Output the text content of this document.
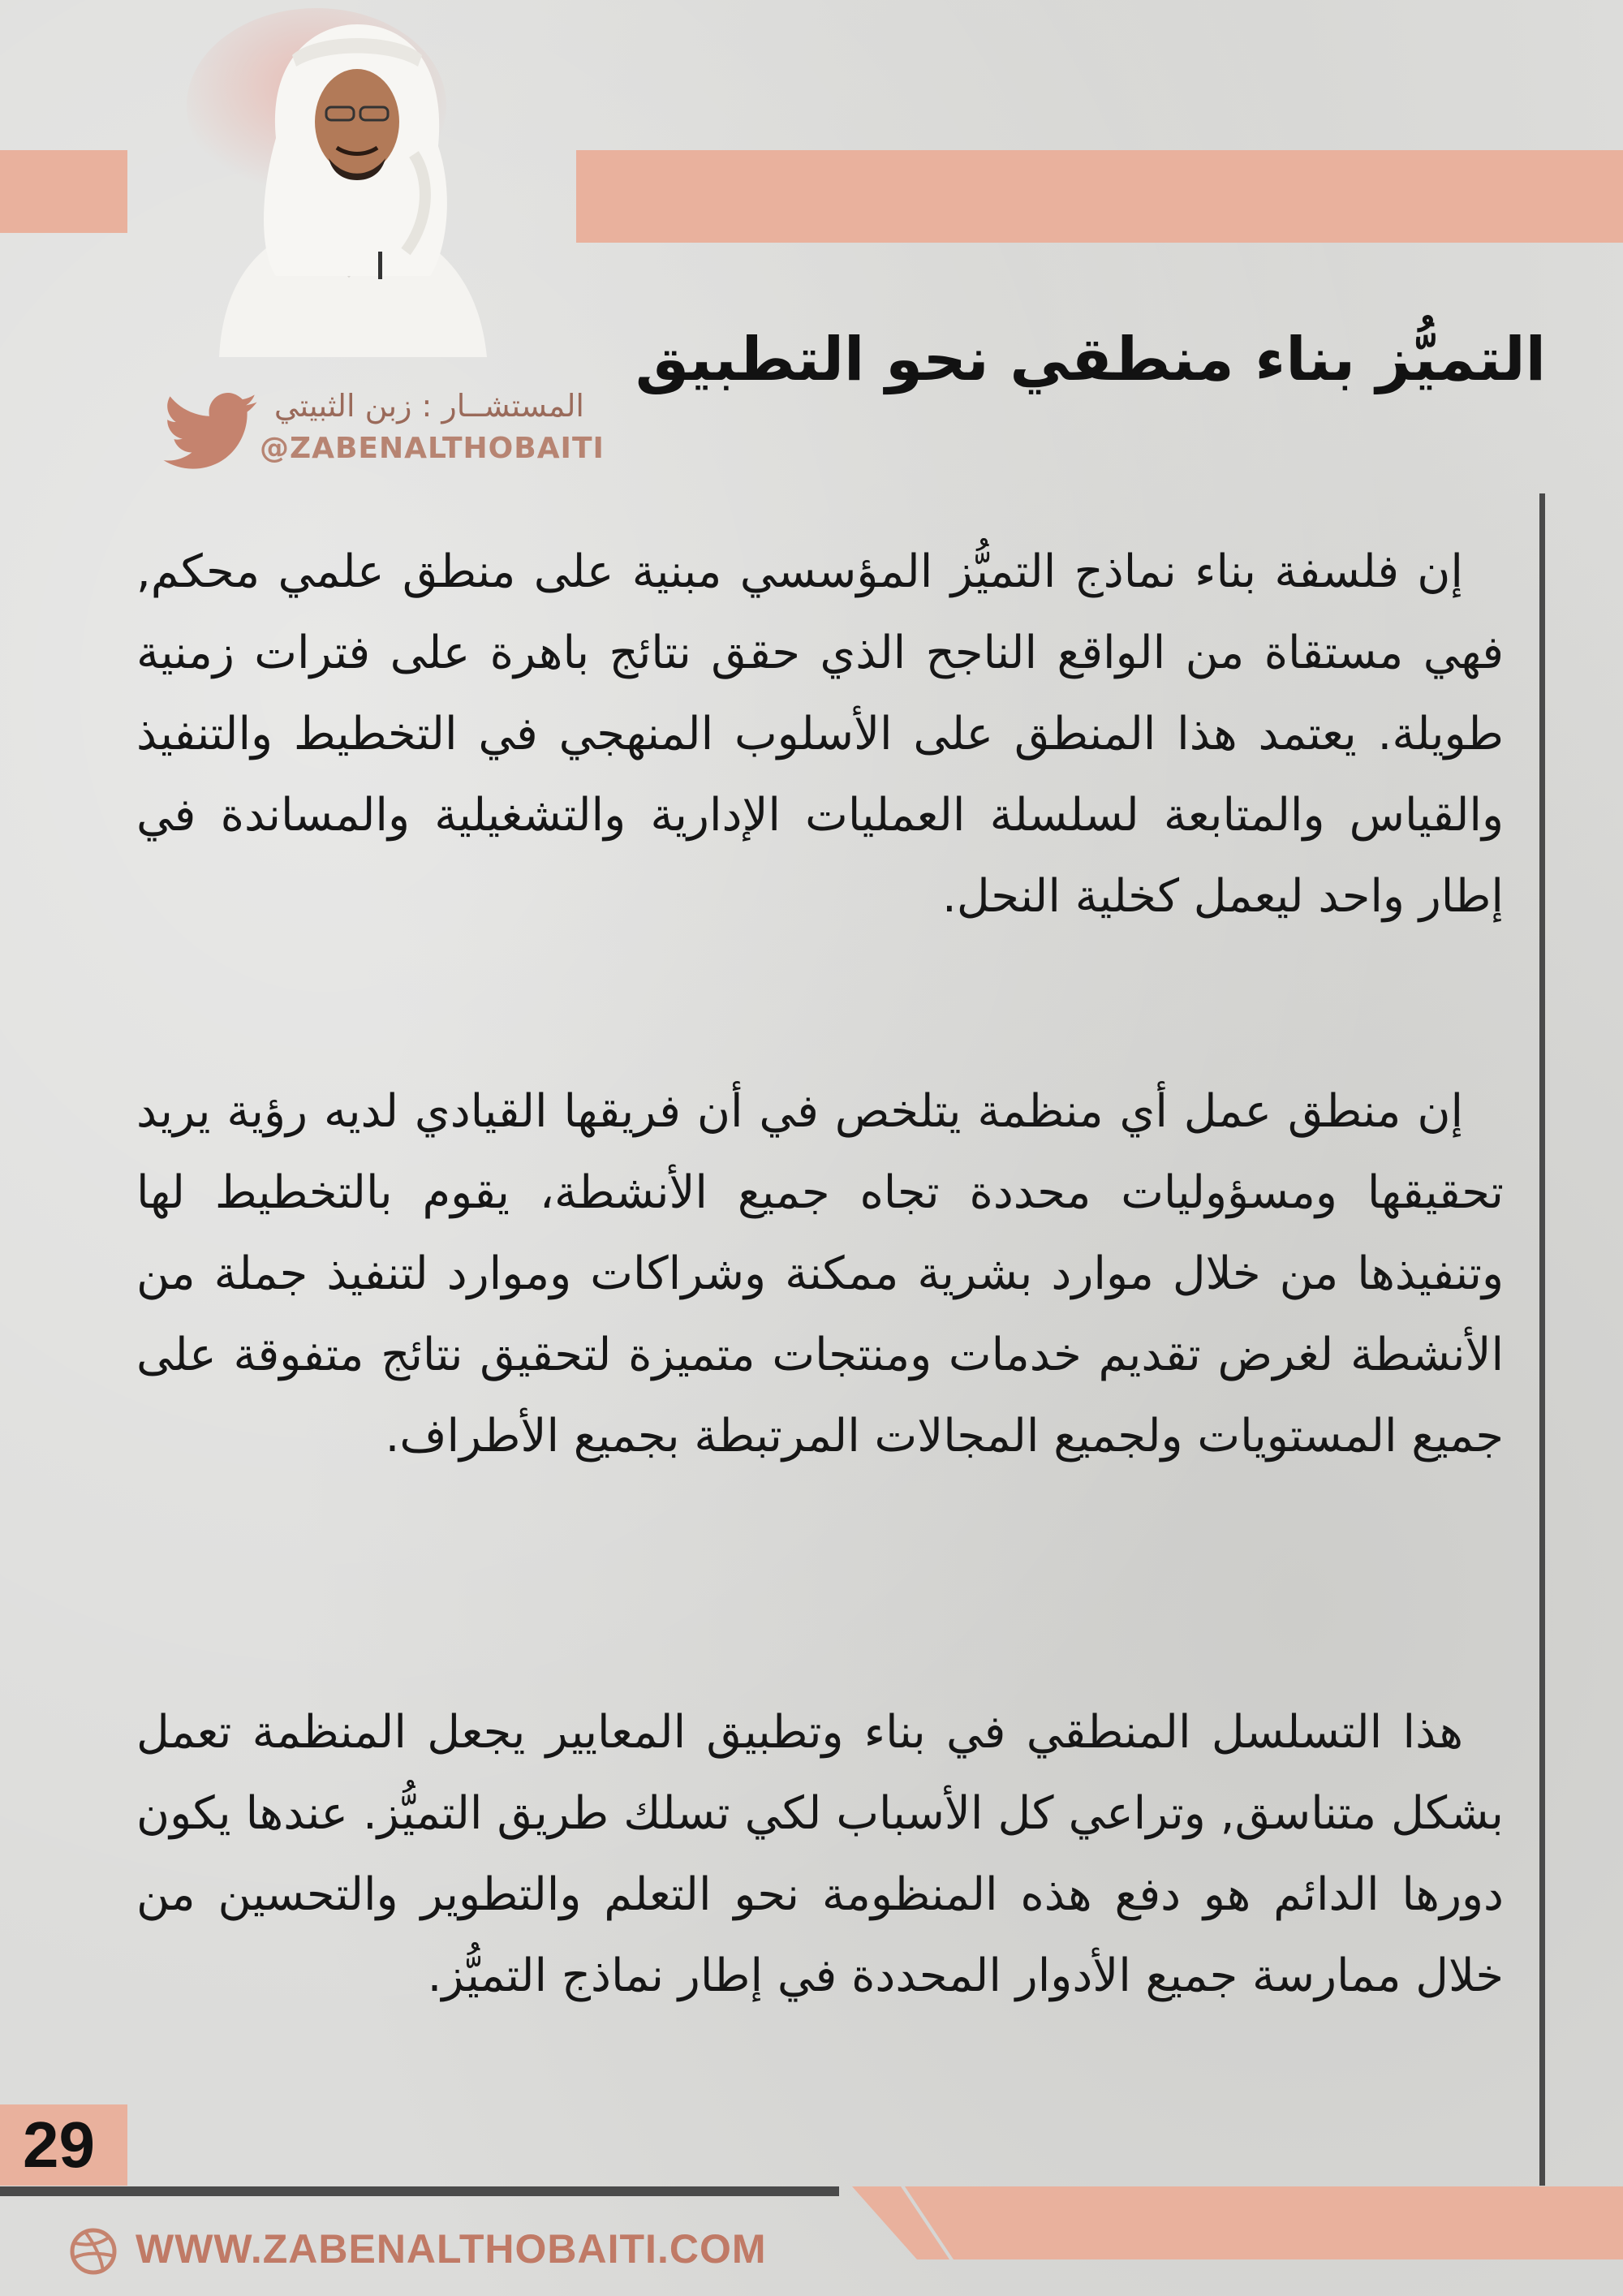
المستشــار : زبن الثبيتي
@ZABENALTHOBAITI
التميُّز بناء منطقي نحو التطبيق

إن فلسفة بناء نماذج التميُّز المؤسسي مبنية على منطق علمي محكم, فهي مستقاة من الواقع الناجح الذي حقق نتائج باهرة على فترات زمنية طويلة. يعتمد هذا المنطق على الأسلوب المنهجي في التخطيط والتنفيذ والقياس والمتابعة لسلسلة العمليات الإدارية والتشغيلية والمساندة في إطار واحد ليعمل كخلية النحل.

إن منطق عمل أي منظمة يتلخص في أن فريقها القيادي لديه رؤية يريد تحقيقها ومسؤوليات محددة تجاه جميع الأنشطة، يقوم بالتخطيط لها وتنفيذها من خلال موارد بشرية ممكنة وشراكات وموارد لتنفيذ جملة من الأنشطة لغرض تقديم خدمات ومنتجات متميزة لتحقيق نتائج متفوقة على جميع المستويات ولجميع المجالات المرتبطة بجميع الأطراف.

هذا التسلسل المنطقي في بناء وتطبيق المعايير يجعل المنظمة تعمل بشكل متناسق, وتراعي كل الأسباب لكي تسلك طريق التميُّز. عندها يكون دورها الدائم هو دفع هذه المنظومة نحو التعلم والتطوير والتحسين من خلال ممارسة جميع الأدوار المحددة في إطار نماذج التميُّز.

29
WWW.ZABENALTHOBAITI.COM
